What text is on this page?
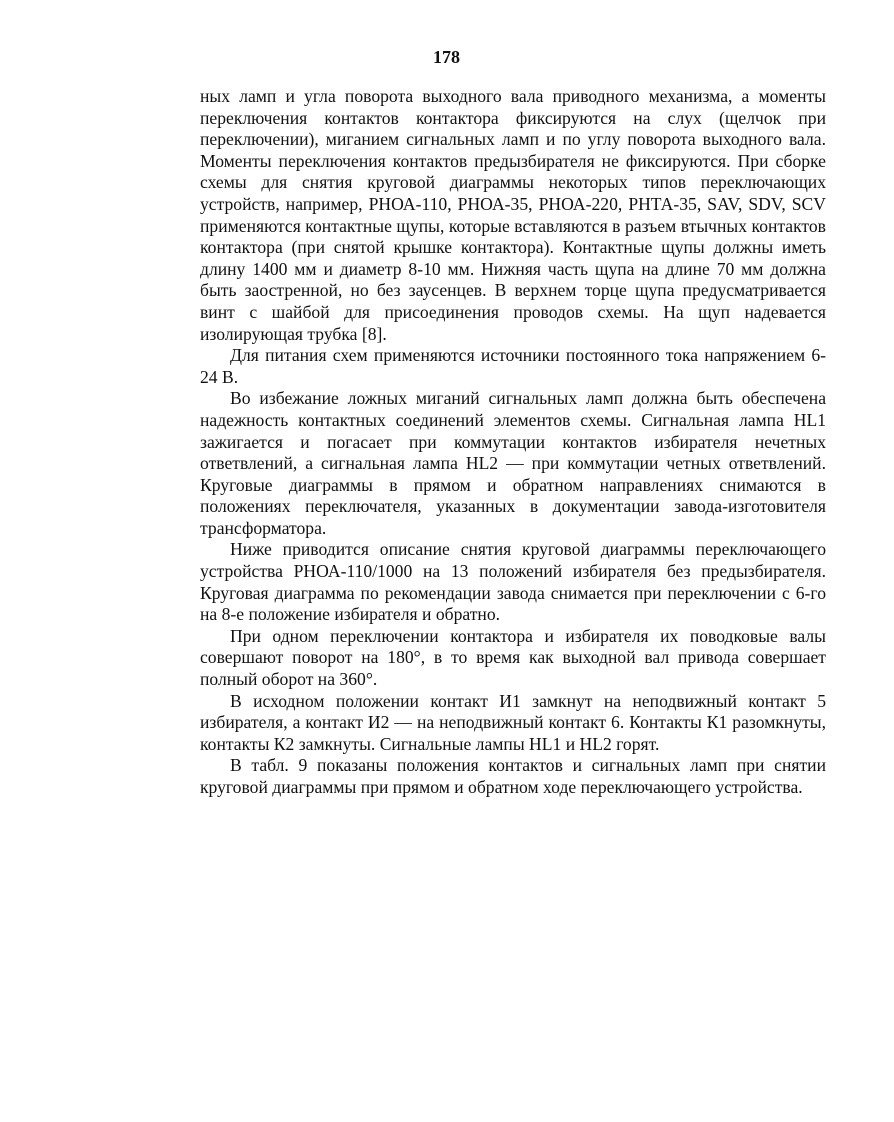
178

ных ламп и угла поворота выходного вала приводного механизма, а моменты переключения контактов контактора фиксируются на слух (щелчок при переключении), миганием сигнальных ламп и по углу поворота выходного вала. Моменты переключения контактов предызбирателя не фиксируются. При сборке схемы для снятия круговой диаграммы некоторых типов переключающих устройств, например, РНОА-110, РНОА-35, РНОА-220, РНТА-35, SAV, SDV, SCV применяются контактные щупы, которые вставляются в разъем втычных контактов контактора (при снятой крышке контактора). Контактные щупы должны иметь длину 1400 мм и диаметр 8-10 мм. Нижняя часть щупа на длине 70 мм должна быть заостренной, но без заусенцев. В верхнем торце щупа предусматривается винт с шайбой для присоединения проводов схемы. На щуп надевается изолирующая трубка [8].

Для питания схем применяются источники постоянного тока напряжением 6-24 В.

Во избежание ложных миганий сигнальных ламп должна быть обеспечена надежность контактных соединений элементов схемы. Сигнальная лампа HL1 зажигается и погасает при коммутации контактов избирателя нечетных ответвлений, а сигнальная лампа HL2 — при коммутации четных ответвлений. Круговые диаграммы в прямом и обратном направлениях снимаются в положениях переключателя, указанных в документации завода-изготовителя трансформатора.

Ниже приводится описание снятия круговой диаграммы переключающего устройства РНОА-110/1000 на 13 положений избирателя без предызбирателя. Круговая диаграмма по рекомендации завода снимается при переключении с 6-го на 8-е положение избирателя и обратно.

При одном переключении контактора и избирателя их поводковые валы совершают поворот на 180°, в то время как выходной вал привода совершает полный оборот на 360°.

В исходном положении контакт И1 замкнут на неподвижный контакт 5 избирателя, а контакт И2 — на неподвижный контакт 6. Контакты К1 разомкнуты, контакты К2 замкнуты. Сигнальные лампы HL1 и HL2 горят.

В табл. 9 показаны положения контактов и сигнальных ламп при снятии круговой диаграммы при прямом и обратном ходе переключающего устройства.
